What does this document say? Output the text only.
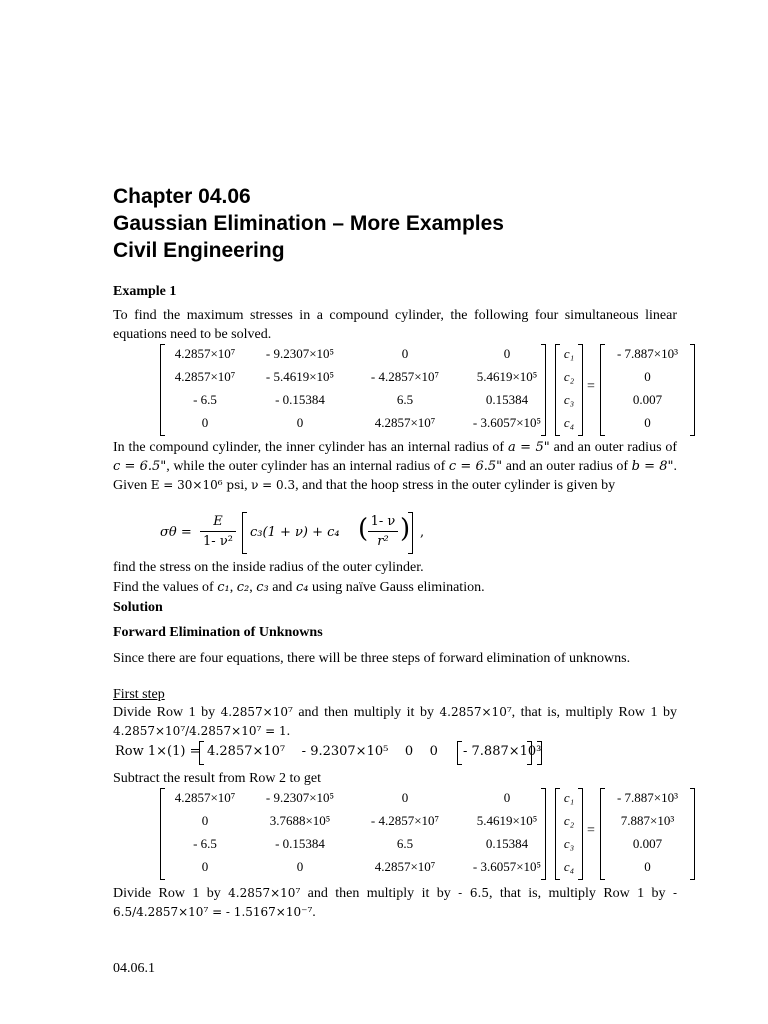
Chapter 04.06
Gaussian Elimination – More Examples
Civil Engineering
Example 1
To find the maximum stresses in a compound cylinder, the following four simultaneous linear equations need to be solved.
=
4.2857×10⁷	- 9.2307×10⁵	0	0	c₁	- 7.887×10³
4.2857×10⁷	- 5.4619×10⁵	- 4.2857×10⁷	5.4619×10⁵	c₂	0
- 6.5	- 0.15384	6.5	0.15384	c₃	0.007
0	0	4.2857×10⁷	- 3.6057×10⁵	c₄	0
In the compound cylinder, the inner cylinder has an internal radius of a = 5" and an outer radius of c = 6.5", while the outer cylinder has an internal radius of c = 6.5" and an outer radius of b = 8". Given E = 30×10⁶ psi, ν = 0.3, and that the hoop stress in the outer cylinder is given by
σθ =
E
1- ν²
c₃(1 + ν) + c₄ ( 1- ν
r² ) ,
find the stress on the inside radius of the outer cylinder.
Find the values of c₁, c₂, c₃ and c₄ using naïve Gauss elimination.
Solution
Forward Elimination of Unknowns
Since there are four equations, there will be three steps of forward elimination of unknowns.
First step
Divide Row 1 by 4.2857×10⁷ and then multiply it by 4.2857×10⁷, that is, multiply Row 1 by 4.2857×10⁷/4.2857×10⁷ = 1.
Row 1×(1) = 4.2857×10⁷    - 9.2307×10⁵    0    0 - 7.887×10³
Subtract the result from Row 2 to get
=
4.2857×10⁷	- 9.2307×10⁵	0	0	c₁	- 7.887×10³
0	3.7688×10⁵	- 4.2857×10⁷	5.4619×10⁵	c₂	7.887×10³
- 6.5	- 0.15384	6.5	0.15384	c₃	0.007
0	0	4.2857×10⁷	- 3.6057×10⁵	c₄	0
Divide Row 1 by 4.2857×10⁷ and then multiply it by - 6.5, that is, multiply Row 1 by - 6.5/4.2857×10⁷ = - 1.5167×10⁻⁷.
04.06.1
